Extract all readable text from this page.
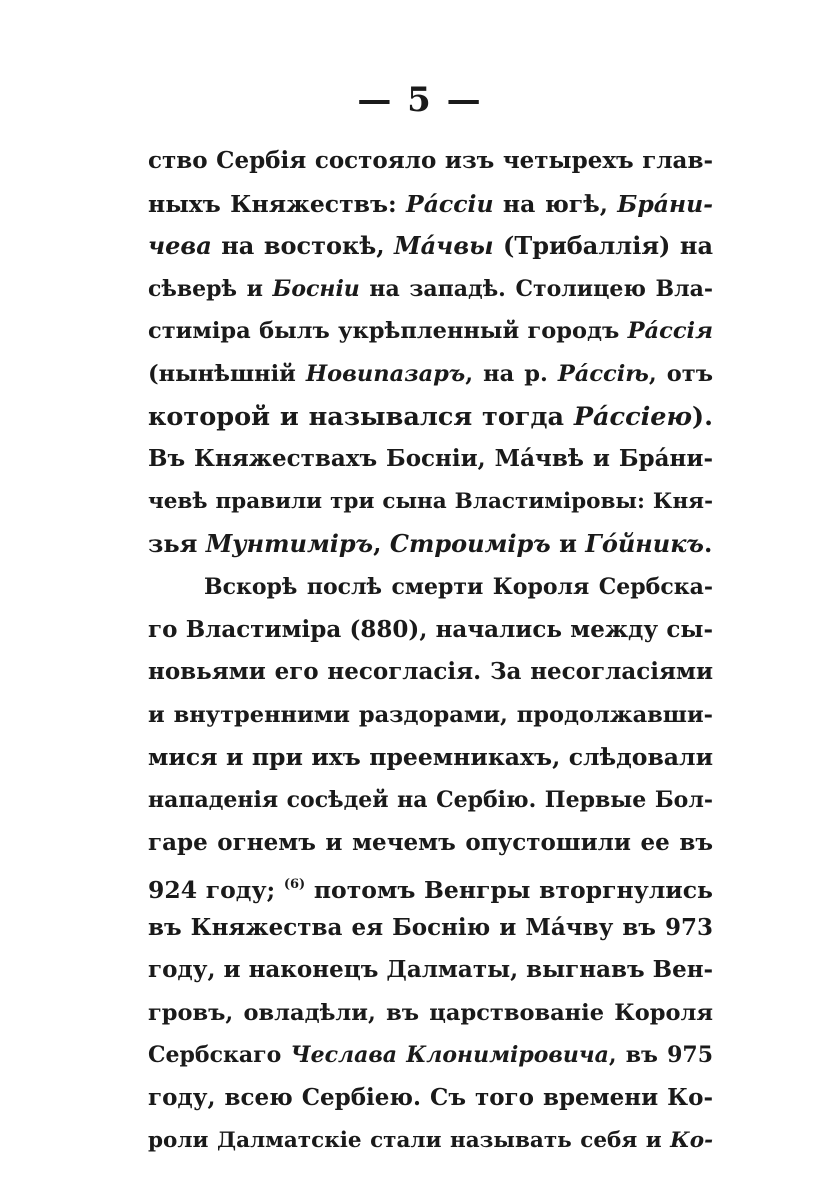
— 5 —
ство Сербія состояло изъ четырехъ глав-
ныхъ Княжествъ: Рáссіи на югѣ, Брáни-
чева на востокѣ, Мáчвы (Трибаллія) на
сѣверѣ и Босніи на западѣ. Столицею Вла-
стиміра былъ укрѣпленный городъ Рáссія
(нынѣшній Новипазаръ, на р. Рáссіѣ, отъ
которой и назывался тогда Рáссіею).
Въ Княжествахъ Босніи, Мáчвѣ и Брáни-
чевѣ правили три сына Властиміровы: Кня-
зья Мунтиміръ, Строиміръ и Гóйникъ.
Вскорѣ послѣ смерти Короля Сербска-
го Властиміра (880), начались между сы-
новьями его несогласія. За несогласіями
и внутренними раздорами, продолжавши-
мися и при ихъ преемникахъ, слѣдовали
нападенія сосѣдей на Сербію. Первые Бол-
гаре огнемъ и мечемъ опустошили ее въ
924 году; $^{(6)}$ потомъ Венгры вторгнулись
въ Княжества ея Боснію и Мáчву въ 973
году, и наконецъ Далматы, выгнавъ Вен-
гровъ, овладѣли, въ царствованіе Короля
Сербскаго Чеслава Клониміровича, въ 975
году, всею Сербіею. Съ того времени Ко-
роли Далматскіе стали называть себя и Ко-
